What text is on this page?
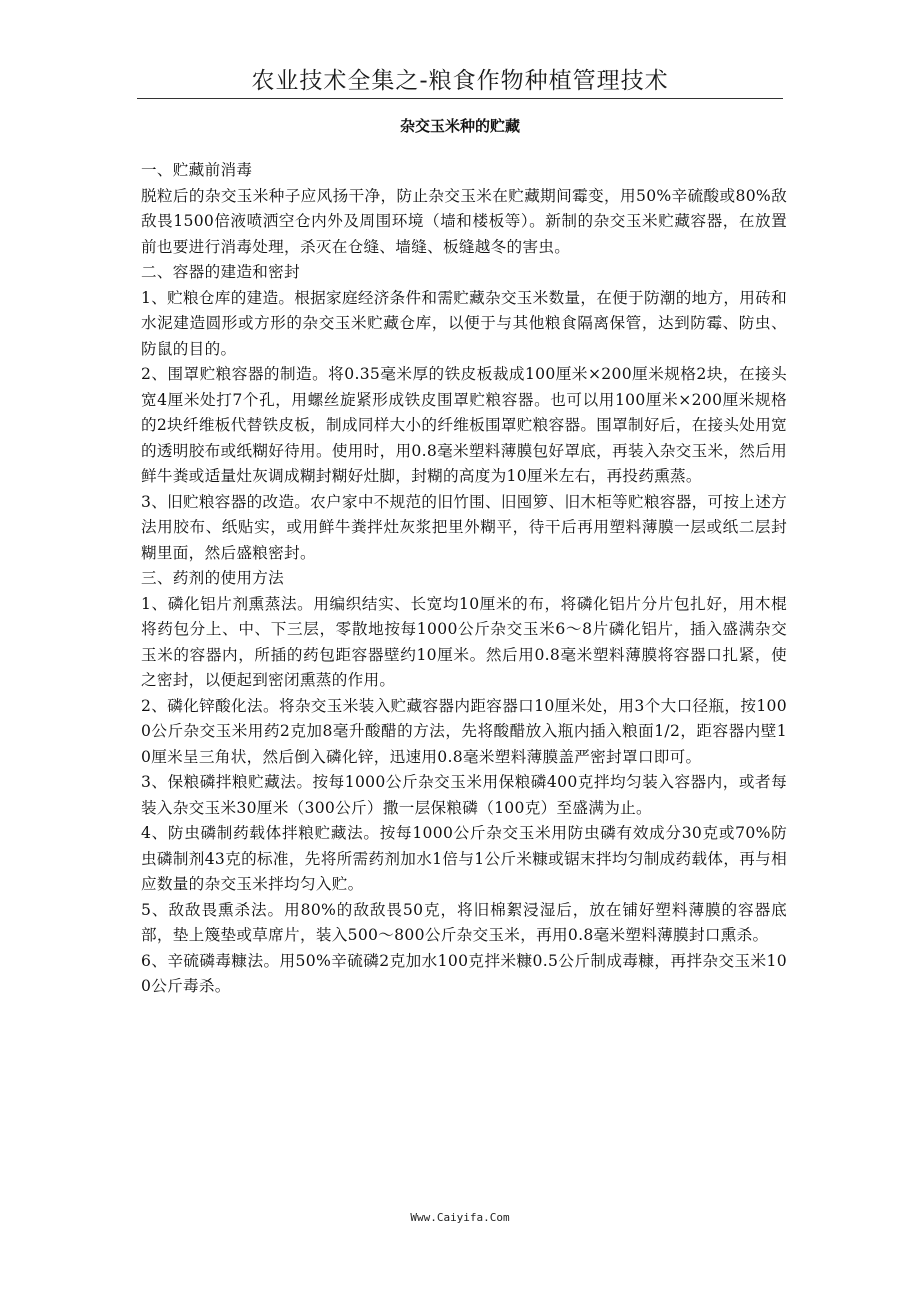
农业技术全集之-粮食作物种植管理技术
杂交玉米种的贮藏

一、贮藏前消毒

脱粒后的杂交玉米种子应风扬干净，防止杂交玉米在贮藏期间霉变，用50%辛硫酸或80%敌敌畏1500倍液喷洒空仓内外及周围环境（墙和楼板等）。新制的杂交玉米贮藏容器，在放置前也要进行消毒处理，杀灭在仓缝、墙缝、板缝越冬的害虫。

二、容器的建造和密封

1、贮粮仓库的建造。根据家庭经济条件和需贮藏杂交玉米数量，在便于防潮的地方，用砖和水泥建造圆形或方形的杂交玉米贮藏仓库，以便于与其他粮食隔离保管，达到防霉、防虫、防鼠的目的。

2、围罩贮粮容器的制造。将0.35毫米厚的铁皮板裁成100厘米×200厘米规格2块，在接头宽4厘米处打7个孔，用螺丝旋紧形成铁皮围罩贮粮容器。也可以用100厘米×200厘米规格的2块纤维板代替铁皮板，制成同样大小的纤维板围罩贮粮容器。围罩制好后，在接头处用宽的透明胶布或纸糊好待用。使用时，用0.8毫米塑料薄膜包好罩底，再装入杂交玉米，然后用鲜牛粪或适量灶灰调成糊封糊好灶脚，封糊的高度为10厘米左右，再投药熏蒸。

3、旧贮粮容器的改造。农户家中不规范的旧竹围、旧囤箩、旧木柜等贮粮容器，可按上述方法用胶布、纸贴实，或用鲜牛粪拌灶灰浆把里外糊平，待干后再用塑料薄膜一层或纸二层封糊里面，然后盛粮密封。

三、药剂的使用方法

1、磷化铝片剂熏蒸法。用编织结实、长宽均10厘米的布，将磷化铝片分片包扎好，用木棍将药包分上、中、下三层，零散地按每1000公斤杂交玉米6～8片磷化铝片，插入盛满杂交玉米的容器内，所插的药包距容器壁约10厘米。然后用0.8毫米塑料薄膜将容器口扎紧，使之密封，以便起到密闭熏蒸的作用。

2、磷化锌酸化法。将杂交玉米装入贮藏容器内距容器口10厘米处，用3个大口径瓶，按1000公斤杂交玉米用药2克加8毫升酸醋的方法，先将酸醋放入瓶内插入粮面1/2，距容器内壁10厘米呈三角状，然后倒入磷化锌，迅速用0.8毫米塑料薄膜盖严密封罩口即可。

3、保粮磷拌粮贮藏法。按每1000公斤杂交玉米用保粮磷400克拌均匀装入容器内，或者每装入杂交玉米30厘米（300公斤）撒一层保粮磷（100克）至盛满为止。

4、防虫磷制药载体拌粮贮藏法。按每1000公斤杂交玉米用防虫磷有效成分30克或70%防虫磷制剂43克的标准，先将所需药剂加水1倍与1公斤米糠或锯末拌均匀制成药载体，再与相应数量的杂交玉米拌均匀入贮。

5、敌敌畏熏杀法。用80%的敌敌畏50克，将旧棉絮浸湿后，放在铺好塑料薄膜的容器底部，垫上篾垫或草席片，装入500～800公斤杂交玉米，再用0.8毫米塑料薄膜封口熏杀。

6、辛硫磷毒糠法。用50%辛硫磷2克加水100克拌米糠0.5公斤制成毒糠，再拌杂交玉米100公斤毒杀。

Www.Caiyifa.Com
